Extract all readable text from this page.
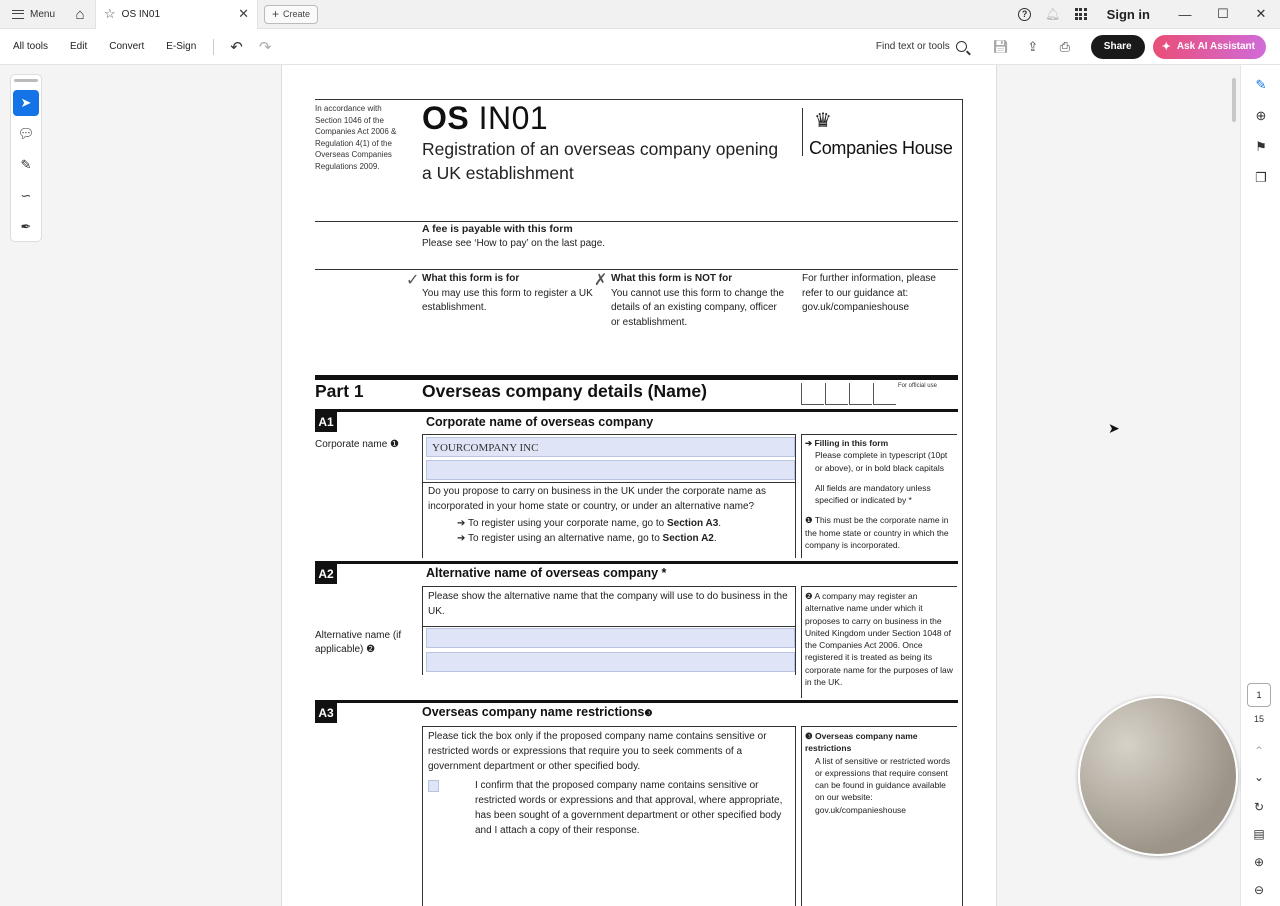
Menu ⌂ ☆ OS IN01	✕ + Create	?	🔔︎	Sign in	—	☐	✕
All tools	Edit	Convert	E-Sign	↶	↷	Find text or tools	💾︎	⇪	⎙	Share	✦ Ask AI Assistant
➤
💬︎
✎
∽
✒
In accordance with Section 1046 of the Companies Act 2006 & Regulation 4(1) of the Overseas Companies Regulations 2009.
OS IN01
Registration of an overseas company opening a UK establishment
♛
Companies House
A fee is payable with this form
Please see ‘How to pay’ on the last page.
✓ What this form is for
You may use this form to register a UK establishment.
✗ What this form is NOT for
You cannot use this form to change the details of an existing company, officer or establishment.
For further information, please refer to our guidance at: gov.uk/companieshouse
Part 1	Overseas company details (Name)	For official use
A1	Corporate name of overseas company
Corporate name ❶	YOURCOMPANY INC
Do you propose to carry on business in the UK under the corporate name as incorporated in your home state or country, or under an alternative name?
➔ To register using your corporate name, go to Section A3.
➔ To register using an alternative name, go to Section A2.
➔ Filling in this form
Please complete in typescript (10pt or above), or in bold black capitals
All fields are mandatory unless specified or indicated by *
❶ This must be the corporate name in the home state or country in which the company is incorporated.
A2	Alternative name of overseas company *
Please show the alternative name that the company will use to do business in the UK.
Alternative name (if applicable) ❷
❷ A company may register an alternative name under which it proposes to carry on business in the United Kingdom under Section 1048 of the Companies Act 2006. Once registered it is treated as being its corporate name for the purposes of law in the UK.
A3	Overseas company name restrictions❸
Please tick the box only if the proposed company name contains sensitive or restricted words or expressions that require you to seek comments of a government department or other specified body.
I confirm that the proposed company name contains sensitive or restricted words or expressions and that approval, where appropriate, has been sought of a government department or other specified body and I attach a copy of their response.
❸ Overseas company name restrictions
A list of sensitive or restricted words or expressions that require consent can be found in guidance available on our website: gov.uk/companieshouse
✎
⊕
⚑
❐
1
15
⌃
⌄
↻
▤
⊕
⊖
➤
